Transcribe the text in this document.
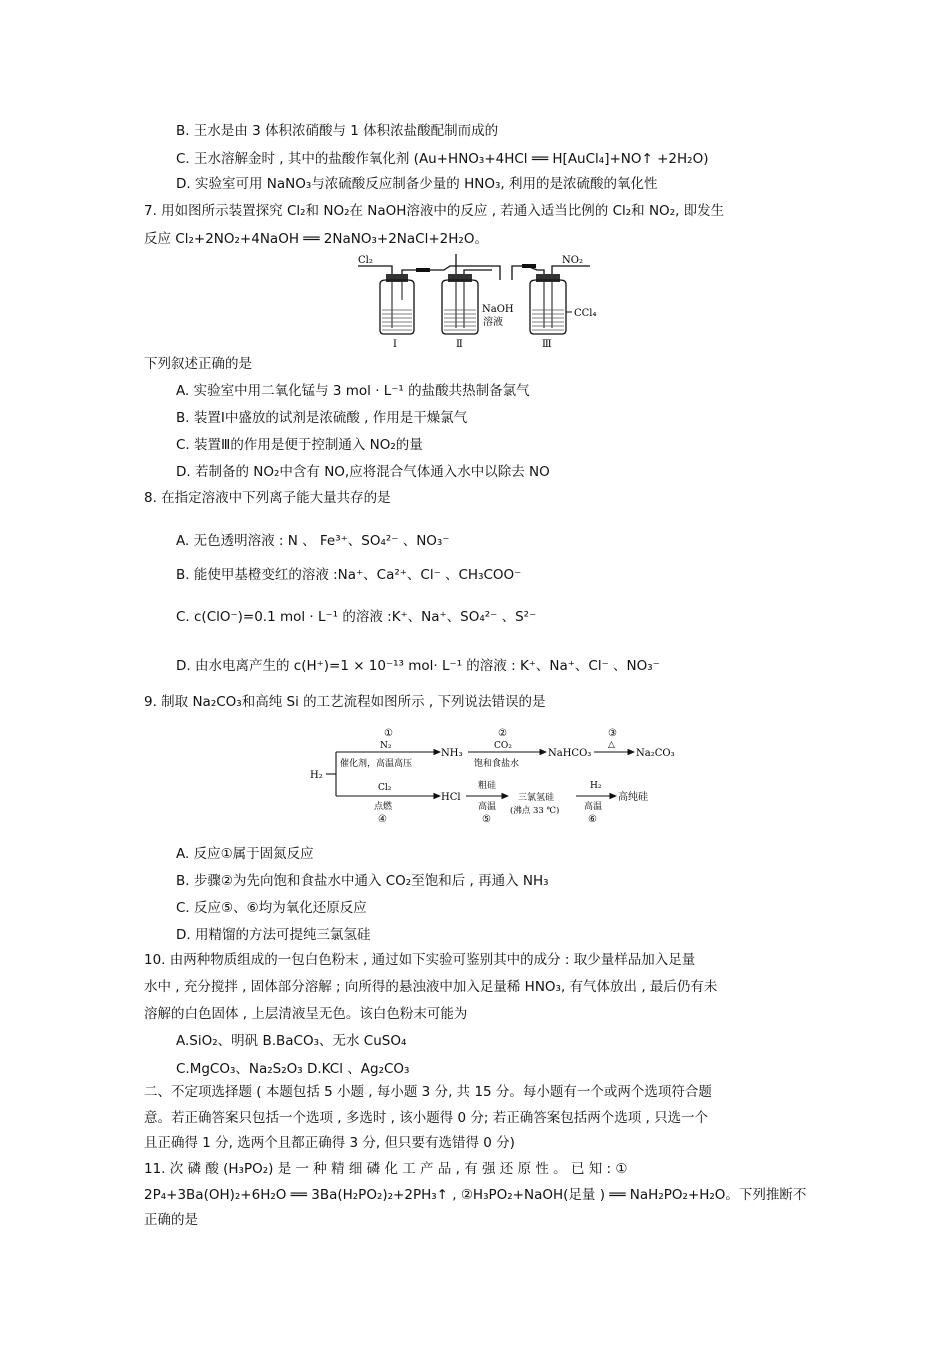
B. 王水是由 3 体积浓硝酸与 1 体积浓盐酸配制而成的
C. 王水溶解金时 , 其中的盐酸作氧化剂 (Au+HNO₃+4HCl ══ H[AuCl₄]+NO↑ +2H₂O)
D. 实验室可用 NaNO₃与浓硫酸反应制备少量的 HNO₃, 利用的是浓硫酸的氧化性
7. 用如图所示装置探究 Cl₂和 NO₂在 NaOH溶液中的反应 , 若通入适当比例的 Cl₂和 NO₂, 即发生
反应 Cl₂+2NO₂+4NaOH ══ 2NaNO₃+2NaCl+2H₂O。
Cl₂	NO₂
NaOH
溶液
CCl₄
Ⅰ	Ⅱ	Ⅲ
下列叙述正确的是
A. 实验室中用二氧化锰与 3 mol · L⁻¹ 的盐酸共热制备氯气
B. 装置Ⅰ中盛放的试剂是浓硫酸 , 作用是干燥氯气
C. 装置Ⅲ的作用是便于控制通入 NO₂的量
D. 若制备的 NO₂中含有 NO,应将混合气体通入水中以除去 NO
8. 在指定溶液中下列离子能大量共存的是
A. 无色透明溶液 : N 、 Fe³⁺、SO₄²⁻ 、NO₃⁻
B. 能使甲基橙变红的溶液 :Na⁺、Ca²⁺、Cl⁻ 、CH₃COO⁻
C. c(ClO⁻)=0.1 mol · L⁻¹ 的溶液 :K⁺、Na⁺、SO₄²⁻ 、S²⁻
D. 由水电离产生的 c(H⁺)=1 × 10⁻¹³ mol· L⁻¹ 的溶液 : K⁺、Na⁺、Cl⁻ 、NO₃⁻
9. 制取 Na₂CO₃和高纯 Si 的工艺流程如图所示 , 下列说法错误的是
H₂
①
N₂
催化剂，高温高压
NH₃
②
CO₂
饱和食盐水
NaHCO₃
③
△
Na₂CO₃
Cl₂
点燃
④
HCl
粗硅
高温
⑤
三氯氢硅
(沸点 33 ℃)
H₂
高温
⑥
高纯硅
A. 反应①属于固氮反应
B. 步骤②为先向饱和食盐水中通入 CO₂至饱和后 , 再通入 NH₃
C. 反应⑤、⑥均为氧化还原反应
D. 用精馏的方法可提纯三氯氢硅
10. 由两种物质组成的一包白色粉末 , 通过如下实验可鉴别其中的成分 : 取少量样品加入足量
水中 , 充分搅拌 , 固体部分溶解 ; 向所得的悬浊液中加入足量稀 HNO₃, 有气体放出 , 最后仍有未
溶解的白色固体 , 上层清液呈无色。该白色粉末可能为
A.SiO₂、明矾 B.BaCO₃、无水 CuSO₄
C.MgCO₃、Na₂S₂O₃ D.KCl 、Ag₂CO₃
二、不定项选择题 ( 本题包括 5 小题 , 每小题 3 分, 共 15 分。每小题有一个或两个选项符合题
意。若正确答案只包括一个选项 , 多选时 , 该小题得 0 分; 若正确答案包括两个选项 , 只选一个
且正确得 1 分, 选两个且都正确得 3 分, 但只要有选错得 0 分)
11. 次 磷 酸 (H₃PO₂) 是 一 种 精 细 磷 化 工 产 品 , 有 强 还 原 性 。 已 知 : ①
2P₄+3Ba(OH)₂+6H₂O ══ 3Ba(H₂PO₂)₂+2PH₃↑ , ②H₃PO₂+NaOH(足量 ) ══ NaH₂PO₂+H₂O。下列推断不
正确的是
